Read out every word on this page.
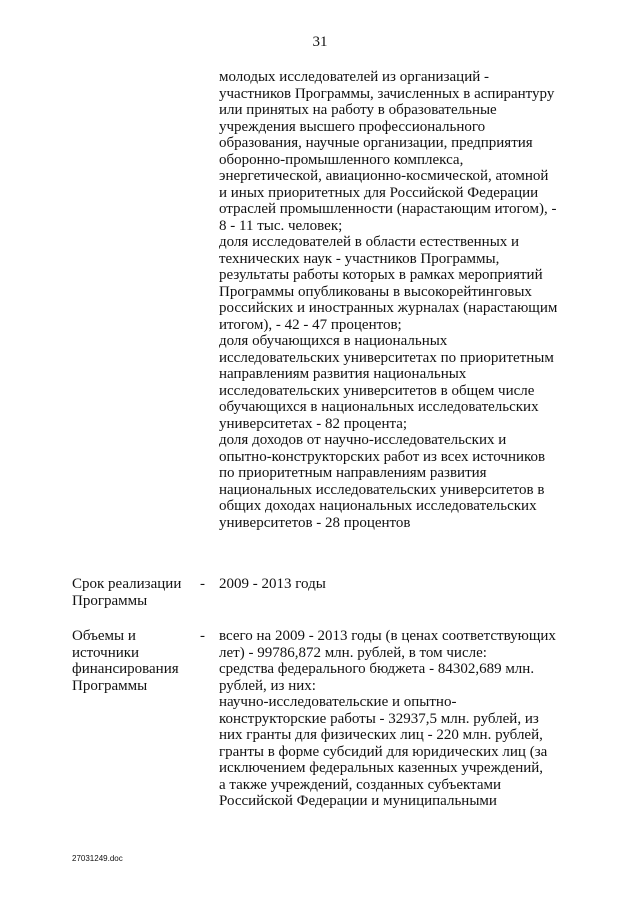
31
молодых исследователей из организаций -
участников Программы, зачисленных в аспирантуру
или принятых на работу в образовательные
учреждения высшего профессионального
образования, научные организации, предприятия
оборонно-промышленного комплекса,
энергетической, авиационно-космической, атомной
и иных приоритетных для Российской Федерации
отраслей промышленности (нарастающим итогом), -
8 - 11 тыс. человек;
доля исследователей в области естественных и
технических наук - участников Программы,
результаты работы которых в рамках мероприятий
Программы опубликованы в высокорейтинговых
российских и иностранных журналах (нарастающим
итогом), - 42 - 47 процентов;
доля обучающихся в национальных
исследовательских университетах по приоритетным
направлениям развития национальных
исследовательских университетов в общем числе
обучающихся в национальных исследовательских
университетах - 82 процента;
доля доходов от научно-исследовательских и
опытно-конструкторских работ из всех источников
по приоритетным направлениям развития
национальных исследовательских университетов в
общих доходах национальных исследовательских
университетов - 28 процентов
Срок реализации
Программы
- 2009 - 2013 годы
Объемы и
источники
финансирования
Программы
- всего на 2009 - 2013 годы (в ценах соответствующих
лет) - 99786,872 млн. рублей, в том числе:
средства федерального бюджета - 84302,689 млн.
рублей, из них:
научно-исследовательские и опытно-
конструкторские работы - 32937,5 млн. рублей, из
них гранты для физических лиц - 220 млн. рублей,
гранты в форме субсидий для юридических лиц (за
исключением федеральных казенных учреждений,
а также учреждений, созданных субъектами
Российской Федерации и муниципальными
27031249.doc
